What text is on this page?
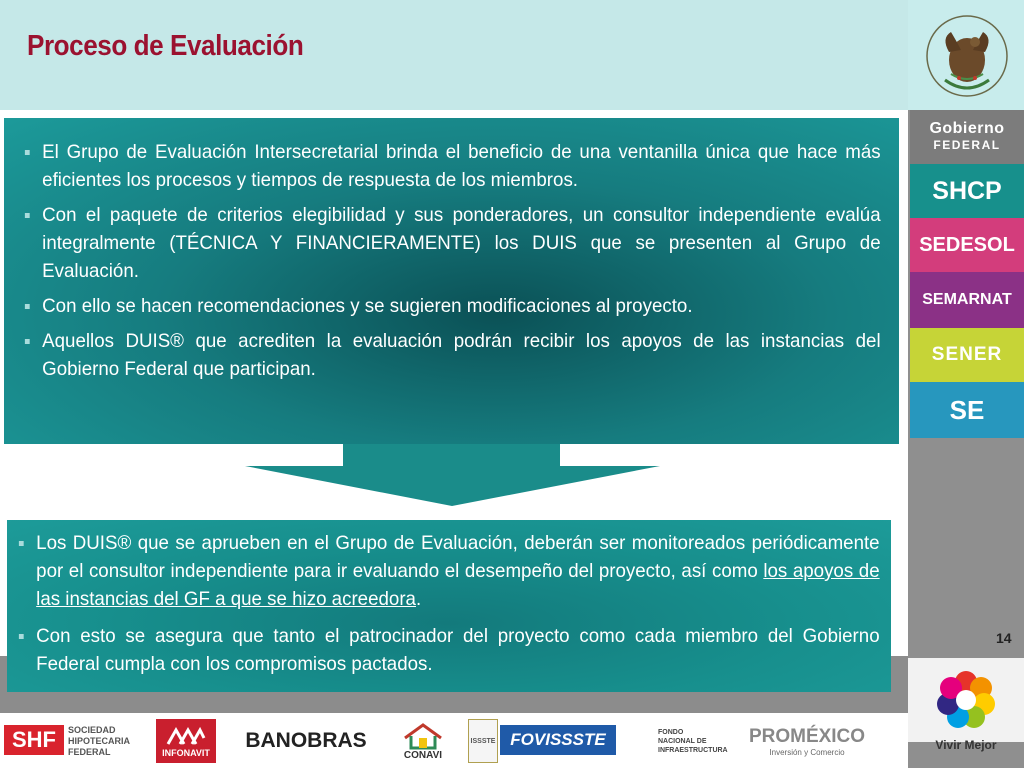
Proceso de Evaluación
Gobierno
FEDERAL
SHCP
SEDESOL
SEMARNAT
SENER
SE
14
Vivir Mejor

El Grupo de Evaluación Intersecretarial brinda el beneficio de una ventanilla única que hace más eficientes los procesos y tiempos de respuesta de los miembros.

Con el paquete de criterios elegibilidad y sus ponderadores, un consultor independiente evalúa integralmente (TÉCNICA Y FINANCIERAMENTE) los DUIS que se presenten al Grupo de Evaluación.

Con ello se hacen recomendaciones y se sugieren modificaciones al proyecto.

Aquellos DUIS® que acrediten la evaluación podrán recibir los apoyos de las instancias del Gobierno Federal que participan.

Los DUIS® que se aprueben en el Grupo de Evaluación, deberán ser monitoreados periódicamente por el consultor independiente para ir evaluando el desempeño del proyecto, así como los apoyos de las instancias del GF a que se hizo acreedora.

Con esto se asegura que tanto el patrocinador del proyecto como cada miembro del Gobierno Federal cumpla con los compromisos pactados.

SHF	SOCIEDAD
HIPOTECARIA
FEDERAL	INFONAVIT
BANOBRAS
CONAVI
ISSSTE FOVISSSTE	FONDO
NACIONAL DE
INFRAESTRUCTURA
PROMÉXICO
Inversión y Comercio
